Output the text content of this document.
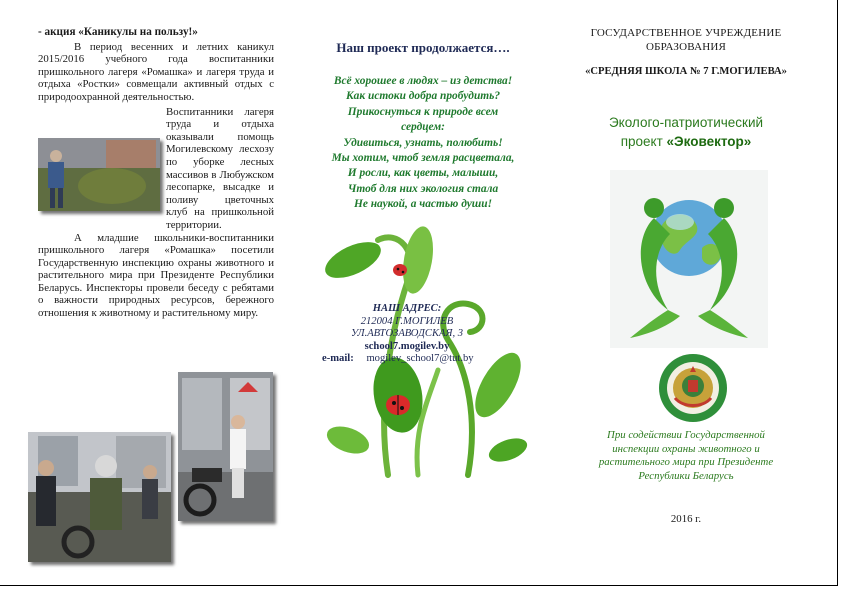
- акция «Каникулы на пользу!»

В период весенних и летних каникул 2015/2016 учебного года воспитанники пришкольного лагеря «Ромашка» и лагеря труда и отдыха «Ростки» совмещали активный отдых с природоохранной деятельностью.

Воспитанники лагеря труда и отдыха оказывали помощь Могилевскому лесхозу по уборке лесных массивов в Любужском лесопарке, высадке и поливу цветочных клуб на пришкольной территории.

А младшие школьники-воспитанники пришкольного лагеря «Ромашка» посетили Государственную инспекцию охраны животного и растительного мира при Президенте Республики Беларусь. Инспекторы провели беседу с ребятами о важности природных ресурсов, бережного отношения к животному и растительному миру.

Наш проект продолжается….
Всё хорошее в людях – из детства!
Как истоки добра пробудить?
Прикоснуться к природе всем
сердцем:
Удивиться, узнать, полюбить!
Мы хотим, чтоб земля расцветала,
И росли, как цветы, малыши,
Чтоб для них экология стала
Не наукой, а частью души!
НАШ АДРЕС:
212004 Г.МОГИЛЕВ
УЛ.АВТОЗАВОДСКАЯ, 3
school7.mogilev.by
e-mail: mogilev_school7@tut.by
ГОСУДАРСТВЕННОЕ УЧРЕЖДЕНИЕ
ОБРАЗОВАНИЯ
«СРЕДНЯЯ ШКОЛА № 7 Г.МОГИЛЕВА»
Эколого-патриотический
проект «Эковектор»
При содействии Государственной инспекции охраны животного и растительного мира при Президенте Республики Беларусь
2016 г.
